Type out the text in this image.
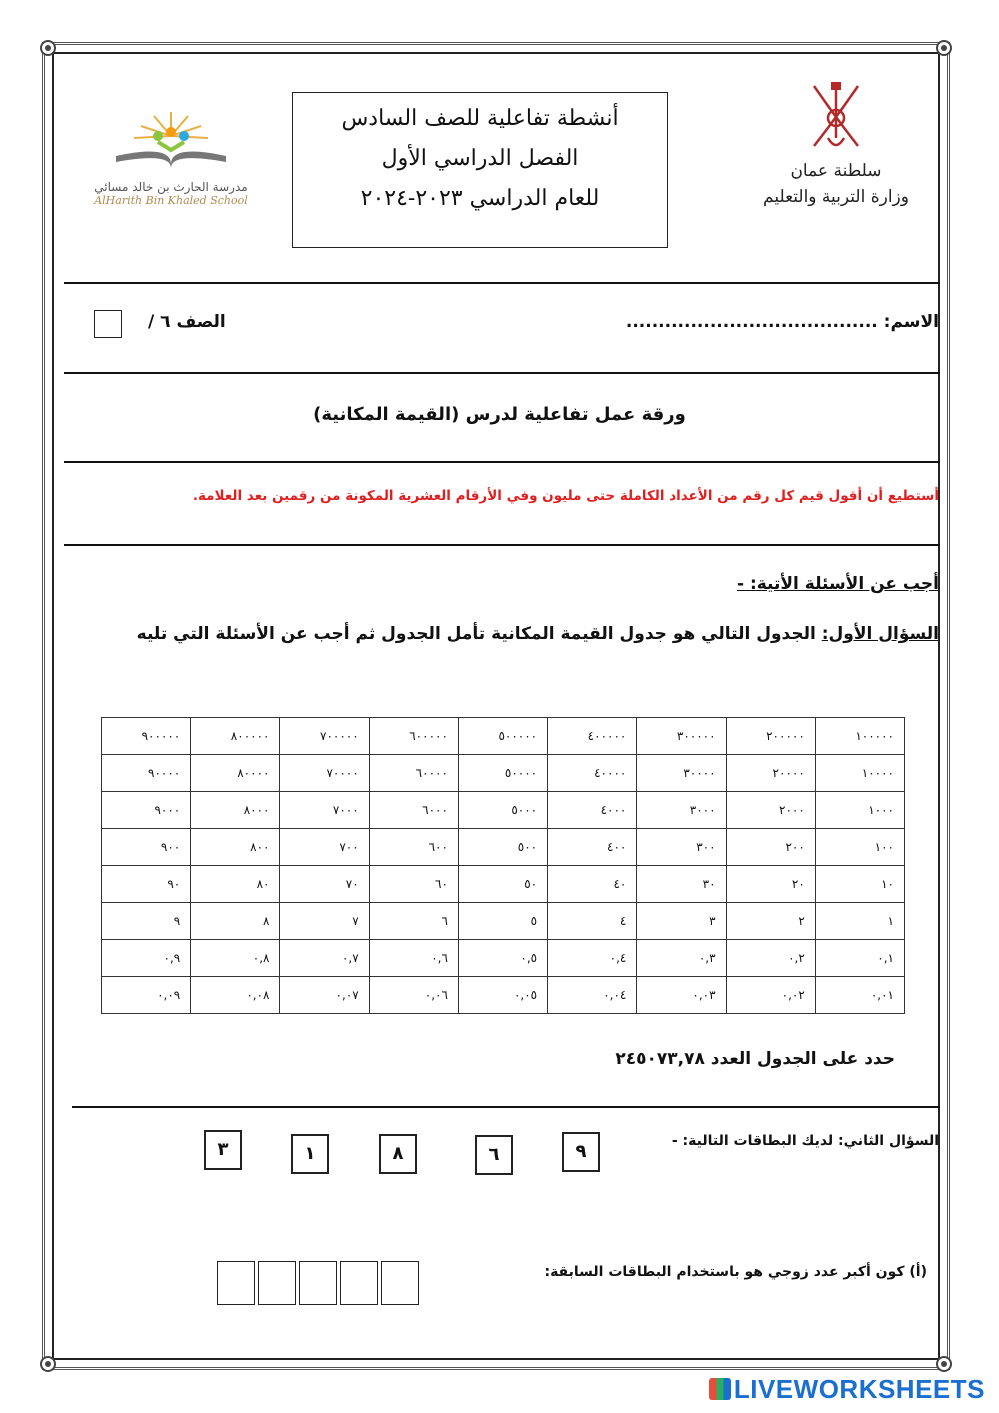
مدرسة الحارث بن خالد مسائي
AlHarith Bin Khaled School
أنشطة تفاعلية للصف السادس
الفصل الدراسي الأول
للعام الدراسي ٢٠٢٣-٢٠٢٤
سلطنة عمان
وزارة التربية والتعليم
الاسم: .......................................
الصف ٦ /
ورقة عمل تفاعلية لدرس (القيمة المكانية)
أستطيع أن أقول قيم كل رقم من الأعداد الكاملة حتى مليون وفي الأرقام العشرية المكونة من رقمين بعد العلامة.
أجب عن الأسئلة الأتية: -
السؤال الأول: الجدول التالي هو جدول القيمة المكانية تأمل الجدول ثم أجب عن الأسئلة التي تليه
١٠٠٠٠٠	٢٠٠٠٠٠	٣٠٠٠٠٠	٤٠٠٠٠٠	٥٠٠٠٠٠	٦٠٠٠٠٠	٧٠٠٠٠٠	٨٠٠٠٠٠	٩٠٠٠٠٠
١٠٠٠٠	٢٠٠٠٠	٣٠٠٠٠	٤٠٠٠٠	٥٠٠٠٠	٦٠٠٠٠	٧٠٠٠٠	٨٠٠٠٠	٩٠٠٠٠
١٠٠٠	٢٠٠٠	٣٠٠٠	٤٠٠٠	٥٠٠٠	٦٠٠٠	٧٠٠٠	٨٠٠٠	٩٠٠٠
١٠٠	٢٠٠	٣٠٠	٤٠٠	٥٠٠	٦٠٠	٧٠٠	٨٠٠	٩٠٠
١٠	٢٠	٣٠	٤٠	٥٠	٦٠	٧٠	٨٠	٩٠
١	٢	٣	٤	٥	٦	٧	٨	٩
٠,١	٠,٢	٠,٣	٠,٤	٠,٥	٠,٦	٠,٧	٠,٨	٠,٩
٠,٠١	٠,٠٢	٠,٠٣	٠,٠٤	٠,٠٥	٠,٠٦	٠,٠٧	٠,٠٨	٠,٠٩
حدد على الجدول العدد ٢٤٥٠٧٣,٧٨
السؤال الثاني: لديك البطاقات التالية: -
٩
٦
٨
١
٣
(أ) كون أكبر عدد زوجي هو باستخدام البطاقات السابقة:
LIVEWORKSHEETS
